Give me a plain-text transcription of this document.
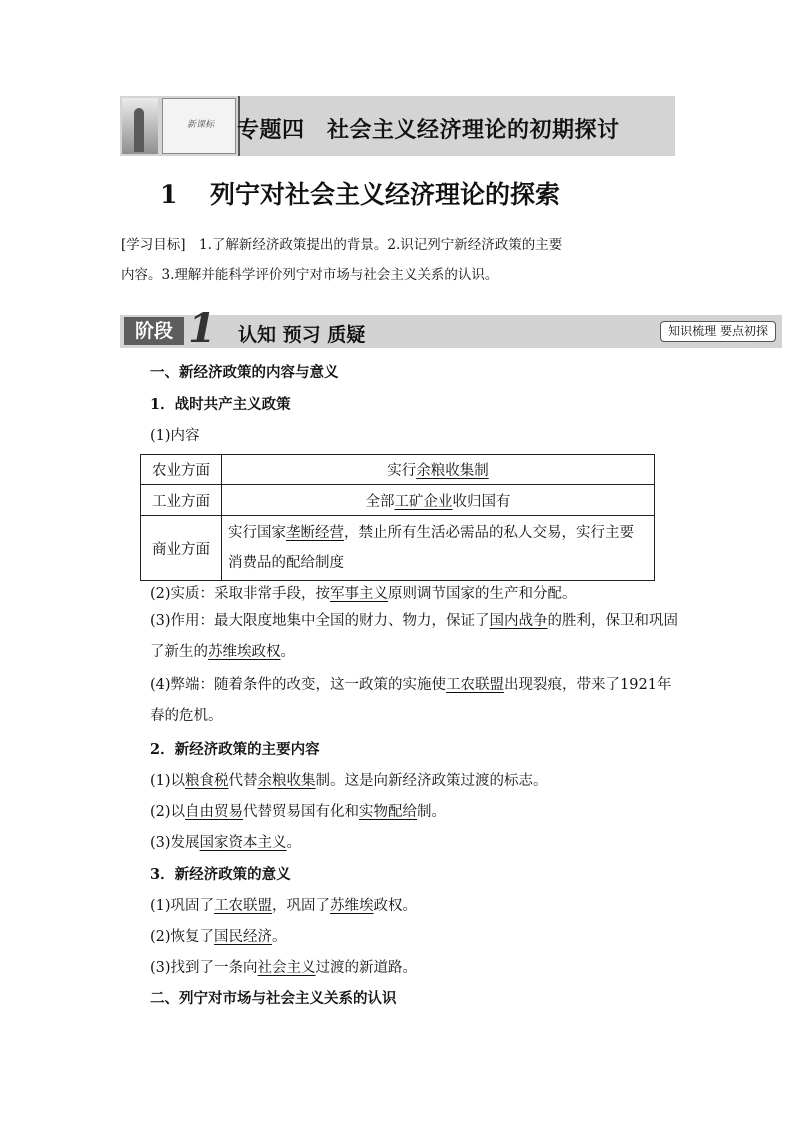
新课标 专题四　社会主义经济理论的初期探讨
1 列宁对社会主义经济理论的探索
[学习目标]　1.了解新经济政策提出的背景。2.识记列宁新经济政策的主要
内容。3.理解并能科学评价列宁对市场与社会主义关系的认识。
阶段 1 认知 预习 质疑	知识梳理 要点初探
一、新经济政策的内容与意义
1．战时共产主义政策
(1)内容
农业方面	实行余粮收集制
工业方面	全部工矿企业收归国有
商业方面	实行国家垄断经营，禁止所有生活必需品的私人交易，实行主要消费品的配给制度
(2)实质：采取非常手段，按军事主义原则调节国家的生产和分配。
(3)作用：最大限度地集中全国的财力、物力，保证了国内战争的胜利，保卫和巩固了新生的苏维埃政权。
(4)弊端：随着条件的改变，这一政策的实施使工农联盟出现裂痕，带来了1921年春的危机。
2．新经济政策的主要内容
(1)以粮食税代替余粮收集制。这是向新经济政策过渡的标志。
(2)以自由贸易代替贸易国有化和实物配给制。
(3)发展国家资本主义。
3．新经济政策的意义
(1)巩固了工农联盟，巩固了苏维埃政权。
(2)恢复了国民经济。
(3)找到了一条向社会主义过渡的新道路。
二、列宁对市场与社会主义关系的认识
